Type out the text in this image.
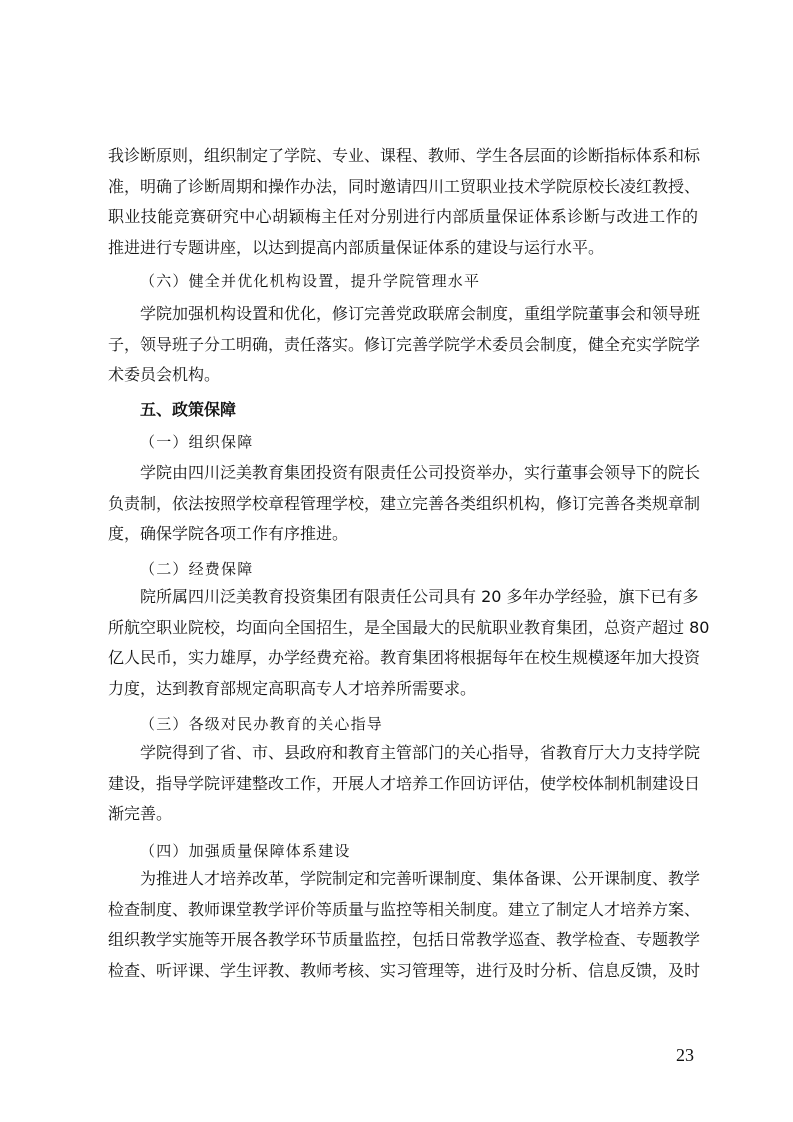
我诊断原则，组织制定了学院、专业、课程、教师、学生各层面的诊断指标体系和标
准，明确了诊断周期和操作办法，同时邀请四川工贸职业技术学院原校长凌红教授、
职业技能竞赛研究中心胡颖梅主任对分别进行内部质量保证体系诊断与改进工作的
推进进行专题讲座，以达到提高内部质量保证体系的建设与运行水平。
（六）健全并优化机构设置，提升学院管理水平
学院加强机构设置和优化，修订完善党政联席会制度，重组学院董事会和领导班
子，领导班子分工明确，责任落实。修订完善学院学术委员会制度，健全充实学院学
术委员会机构。
五、政策保障
（一）组织保障
学院由四川泛美教育集团投资有限责任公司投资举办，实行董事会领导下的院长
负责制，依法按照学校章程管理学校，建立完善各类组织机构，修订完善各类规章制
度，确保学院各项工作有序推进。
（二）经费保障
院所属四川泛美教育投资集团有限责任公司具有 20 多年办学经验，旗下已有多
所航空职业院校，均面向全国招生，是全国最大的民航职业教育集团，总资产超过 80
亿人民币，实力雄厚，办学经费充裕。教育集团将根据每年在校生规模逐年加大投资
力度，达到教育部规定高职高专人才培养所需要求。
（三）各级对民办教育的关心指导
学院得到了省、市、县政府和教育主管部门的关心指导，省教育厅大力支持学院
建设，指导学院评建整改工作，开展人才培养工作回访评估，使学校体制机制建设日
渐完善。
（四）加强质量保障体系建设
为推进人才培养改革，学院制定和完善听课制度、集体备课、公开课制度、教学
检查制度、教师课堂教学评价等质量与监控等相关制度。建立了制定人才培养方案、
组织教学实施等开展各教学环节质量监控，包括日常教学巡查、教学检查、专题教学
检查、听评课、学生评教、教师考核、实习管理等，进行及时分析、信息反馈，及时
23
